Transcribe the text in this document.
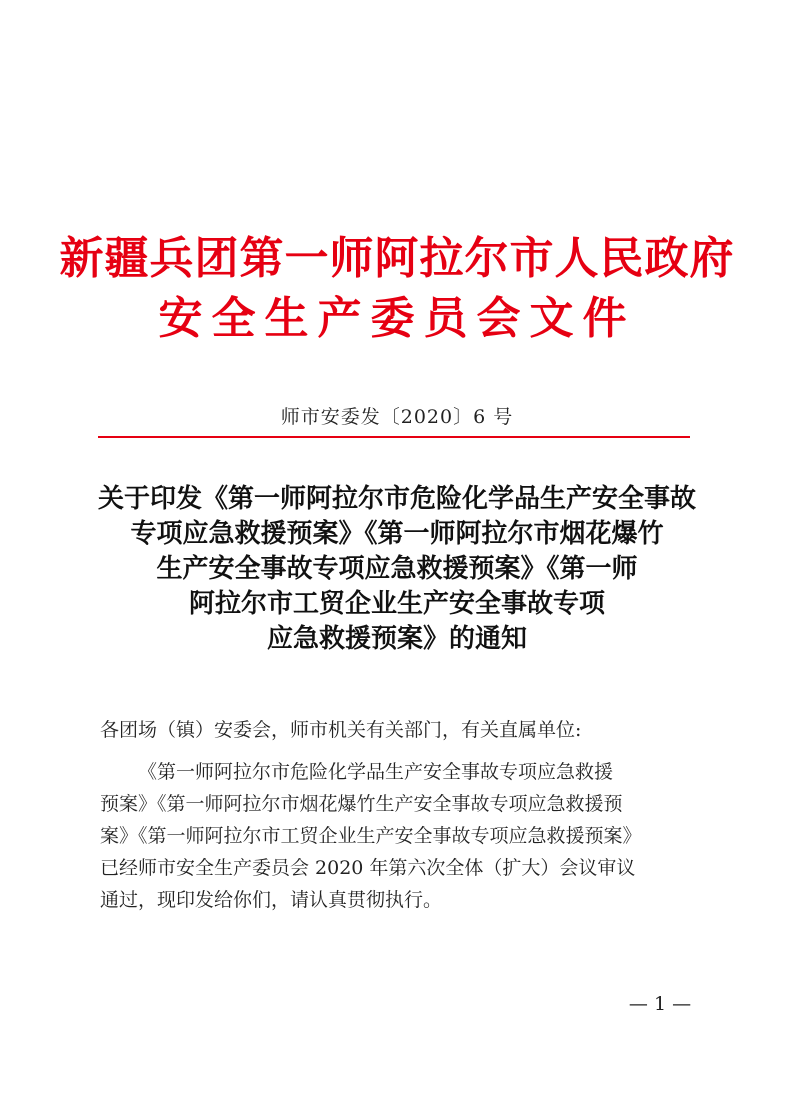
新疆兵团第一师阿拉尔市人民政府
安全生产委员会文件
师市安委发〔2020〕6 号
关于印发《第一师阿拉尔市危险化学品生产安全事故
专项应急救援预案》《第一师阿拉尔市烟花爆竹
生产安全事故专项应急救援预案》《第一师
阿拉尔市工贸企业生产安全事故专项
应急救援预案》的通知
各团场（镇）安委会，师市机关有关部门，有关直属单位:
《第一师阿拉尔市危险化学品生产安全事故专项应急救援
预案》《第一师阿拉尔市烟花爆竹生产安全事故专项应急救援预
案》《第一师阿拉尔市工贸企业生产安全事故专项应急救援预案》
已经师市安全生产委员会 2020 年第六次全体（扩大）会议审议
通过，现印发给你们，请认真贯彻执行。
— 1 —
